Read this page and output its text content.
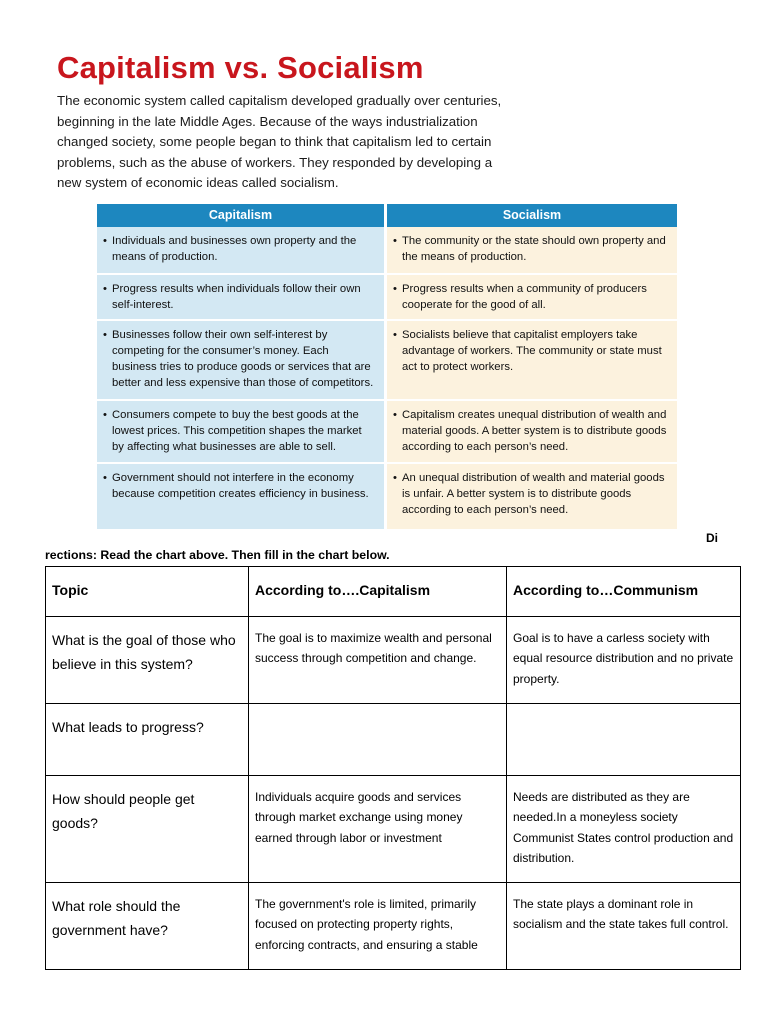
Capitalism vs. Socialism
The economic system called capitalism developed gradually over centuries, beginning in the late Middle Ages. Because of the ways industrialization changed society, some people began to think that capitalism led to certain problems, such as the abuse of workers. They responded by developing a new system of economic ideas called socialism.
Capitalism	Socialism

• Individuals and businesses own property and the means of production.	• The community or the state should own property and the means of production.

• Progress results when individuals follow their own self-interest.	• Progress results when a community of producers cooperate for the good of all.

• Businesses follow their own self-interest by competing for the consumer’s money. Each business tries to produce goods or services that are better and less expensive than those of competitors.	• Socialists believe that capitalist employers take advantage of workers. The community or state must act to protect workers.

• Consumers compete to buy the best goods at the lowest prices. This competition shapes the market by affecting what businesses are able to sell.	• Capitalism creates unequal distribution of wealth and material goods. A better system is to distribute goods according to each person’s need.

• Government should not interfere in the economy because competition creates efficiency in business.	• An unequal distribution of wealth and material goods is unfair. A better system is to distribute goods according to each person’s need.
Di
rections: Read the chart above. Then fill in the chart below.
Topic	According to….Capitalism	According to…Communism
What is the goal of those who believe in this system?	The goal is to maximize wealth and personal success through competition and change.	Goal is to have a carless society with equal resource distribution and no private property.
What leads to progress?		
How should people get goods?	Individuals acquire goods and services through market exchange using money earned through labor or investment	Needs are distributed as they are needed.In a moneyless society Communist States control production and distribution.
What role should the government have?	The government's role is limited, primarily focused on protecting property rights, enforcing contracts, and ensuring a stable	The state plays a dominant role in socialism and the state takes full control.
